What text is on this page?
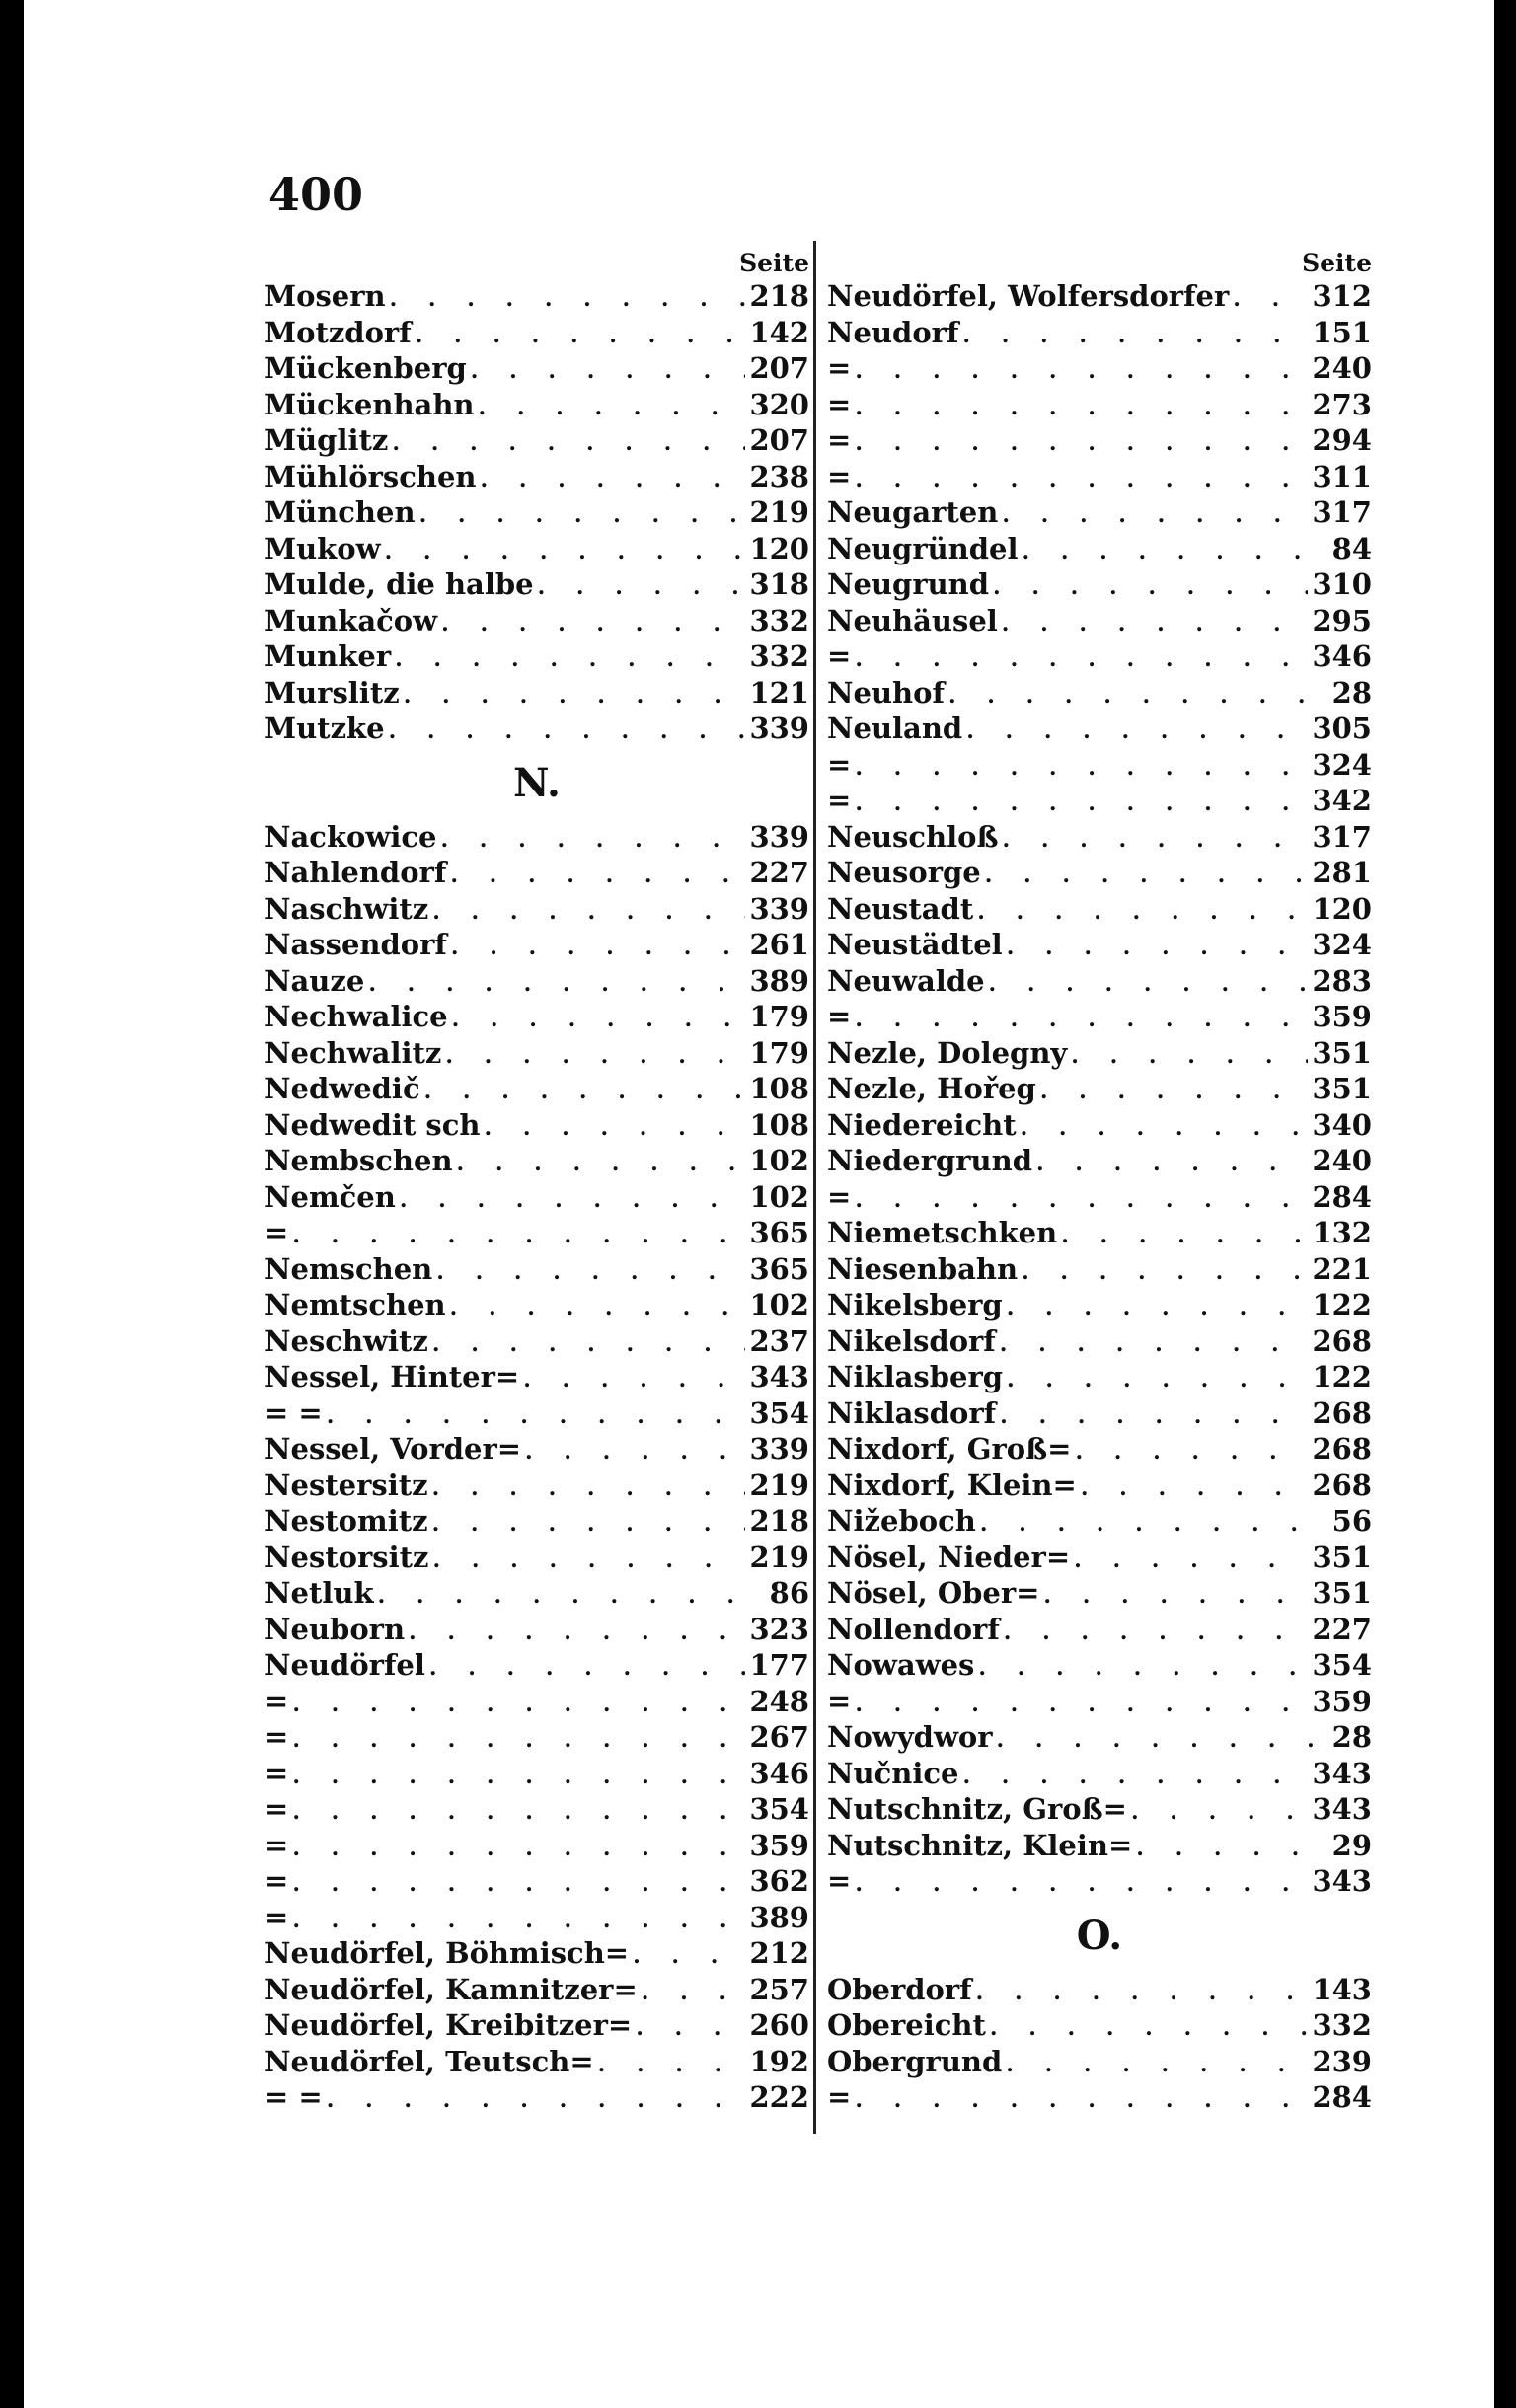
400
Seite
Mosern . . .	218
Motzdorf . . .	142
Mückenberg . . .	207
Mückenhahn . . .	320
Müglitz . . .	207
Mühlörschen . . .	238
München . . .	219
Mukow . . .	120
Mulde, die halbe . . .	318
Munkačow . . .	332
Munker . . .	332
Murslitz . . .	121
Mutzke . . .	339
N.
Nackowice . . .	339
Nahlendorf . . .	227
Naschwitz . . .	339
Nassendorf . . .	261
Nauze . . .	389
Nechwalice . . .	179
Nechwalitz . . .	179
Nedwedič . . .	108
Nedwedit sch . . .	108
Nembschen . . .	102
Nemčen . . .	102
= . . .	365
Nemschen . . .	365
Nemtschen . . .	102
Neschwitz . . .	237
Nessel, Hinter= . . .	343
= = . . .	354
Nessel, Vorder= . . .	339
Nestersitz . . .	219
Nestomitz . . .	218
Nestorsitz . . .	219
Netluk . . .	86
Neuborn . . .	323
Neudörfel . . .	177
= . . .	248
= . . .	267
= . . .	346
= . . .	354
= . . .	359
= . . .	362
= . . .	389
Neudörfel, Böhmisch= . . .	212
Neudörfel, Kamnitzer= . . .	257
Neudörfel, Kreibitzer= . . .	260
Neudörfel, Teutsch= . . .	192
= = . . .	222
Seite
Neudörfel, Wolfersdorfer . . .	312
Neudorf . . .	151
= . . .	240
= . . .	273
= . . .	294
= . . .	311
Neugarten . . .	317
Neugründel . . .	84
Neugrund . . .	310
Neuhäusel . . .	295
= . . .	346
Neuhof . . .	28
Neuland . . .	305
= . . .	324
= . . .	342
Neuschloß . . .	317
Neusorge . . .	281
Neustadt . . .	120
Neustädtel . . .	324
Neuwalde . . .	283
= . . .	359
Nezle, Dolegny . . .	351
Nezle, Hořeg . . .	351
Niedereicht . . .	340
Niedergrund . . .	240
= . . .	284
Niemetschken . . .	132
Niesenbahn . . .	221
Nikelsberg . . .	122
Nikelsdorf . . .	268
Niklasberg . . .	122
Niklasdorf . . .	268
Nixdorf, Groß= . . .	268
Nixdorf, Klein= . . .	268
Nižeboch . . .	56
Nösel, Nieder= . . .	351
Nösel, Ober= . . .	351
Nollendorf . . .	227
Nowawes . . .	354
= . . .	359
Nowydwor . . .	28
Nučnice . . .	343
Nutschnitz, Groß= . . .	343
Nutschnitz, Klein= . . .	29
= . . .	343
O.
Oberdorf . . .	143
Obereicht . . .	332
Obergrund . . .	239
= . . .	284
